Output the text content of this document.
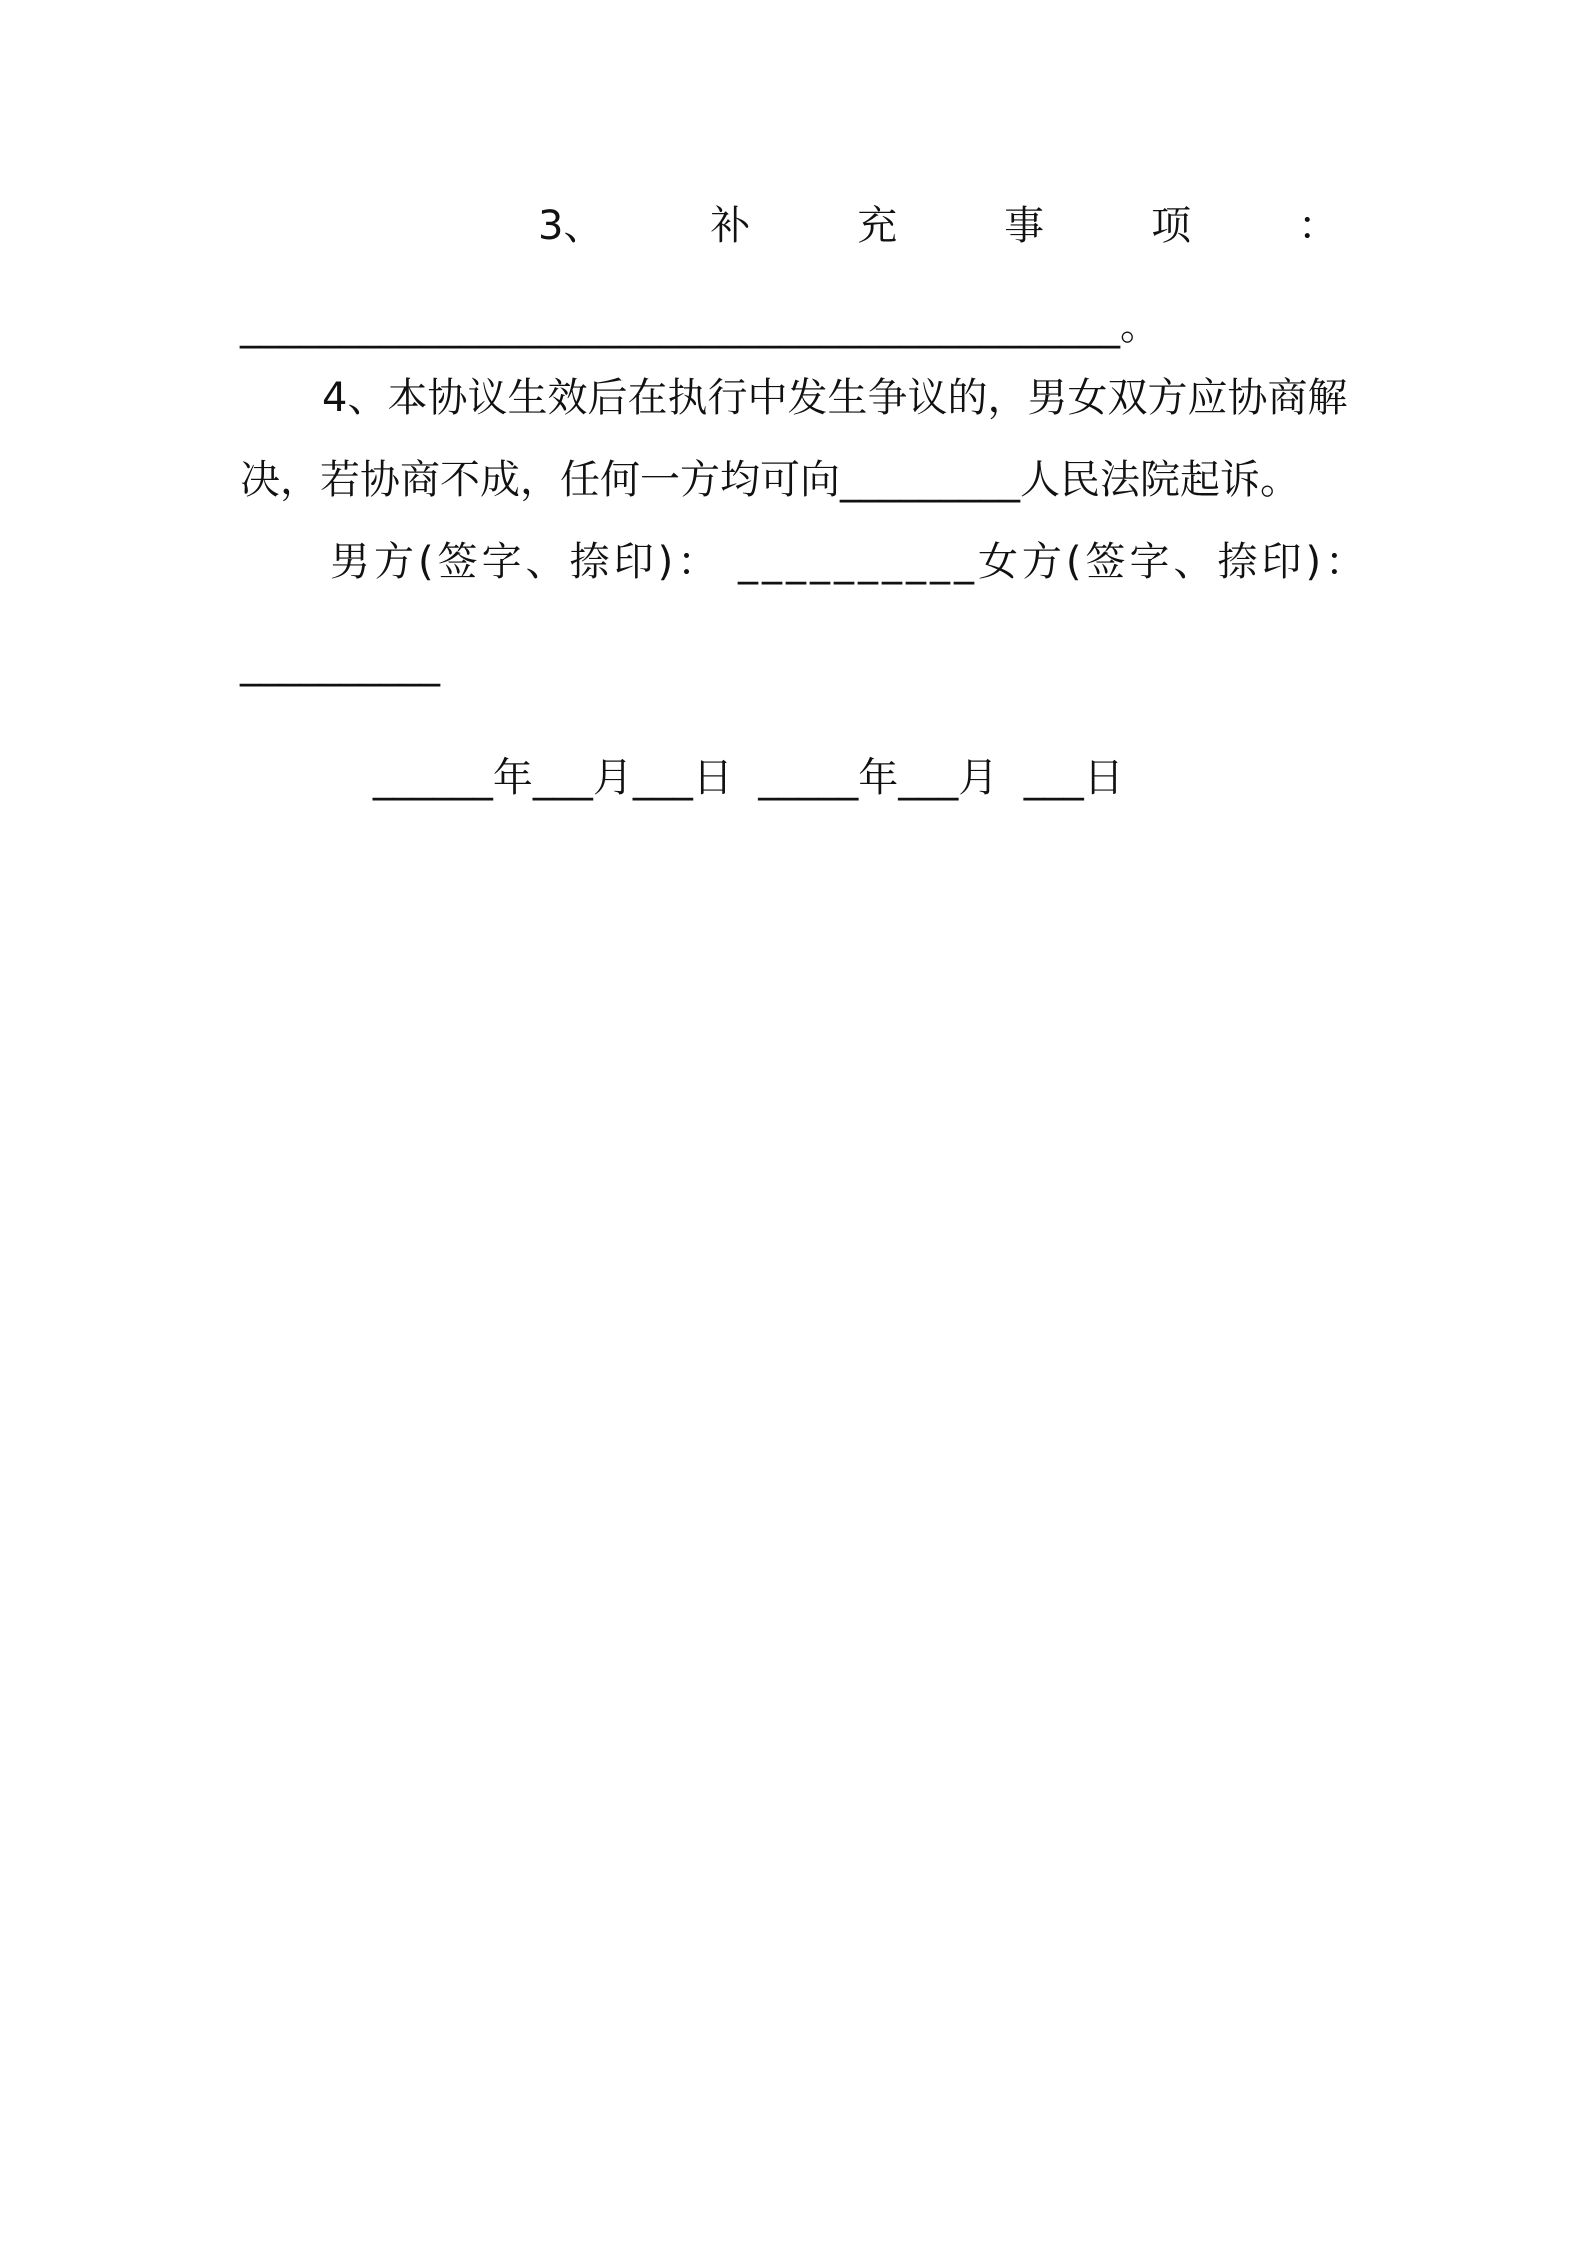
3、	补	充	事	项	：
____________________________________________。
4、本协议生效后在执行中发生争议的，男女双方应协商解
决，若协商不成，任何一方均可向_________人民法院起诉。
男方(签字、捺印)： __________ 女方(签字、捺印)：
__________

______年___月___日  _____年___月  ___日
